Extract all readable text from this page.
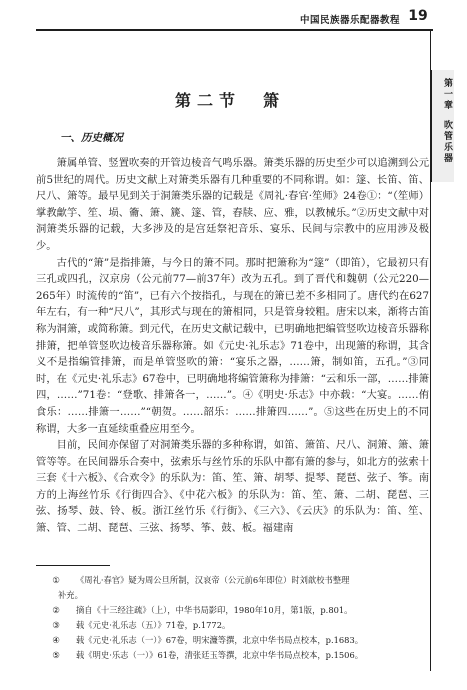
中国民族器乐配器教程 19
第一章
吹管乐器
第二节　箫
一、历史概况

箫属单管、竖置吹奏的开管边棱音气鸣乐器。箫类乐器的历史至少可以追溯到公元前5世纪的周代。历史文献上对箫类乐器有几种重要的不同称谓。如：篴、长笛、笛、尺八、箫等。最早见到关于洞箫类乐器的记载是《周礼·春官·笙师》24卷①：“（笙师）掌教龡竽、笙、埙、籥、箫、篪、篴、管，舂牍、应、雅，以教械乐。”②历史文献中对洞箫类乐器的记载，大多涉及的是宫廷祭祀音乐、宴乐、民间与宗教中的应用涉及极少。

古代的“箫”是指排箫，与今日的箫不同。那时把箫称为“篴”（即笛），它最初只有三孔或四孔，汉京房（公元前77—前37年）改为五孔。到了晋代和魏朝（公元220—265年）时流传的“笛”，已有六个按指孔，与现在的箫已差不多相同了。唐代约在627年左右，有一种“尺八”，其形式与现在的箫相同，只是管身较粗。唐宋以来，渐将古笛称为洞箫，或简称箫。到元代，在历史文献记载中，已明确地把编管竖吹边棱音乐器称排箫，把单管竖吹边棱音乐器称箫。如《元史·礼乐志》71卷中，出现箫的称谓，其含义不是指编管排箫，而是单管竖吹的箫：“宴乐之器，……箫，制如笛，五孔。”③同时，在《元史·礼乐志》67卷中，已明确地将编管箫称为排箫：“云和乐一部，……排箫四，……”71卷：“登歌、排箫各一，……”。④《明史·乐志》中亦载：“大宴。……侑食乐：……排箫一……”“朝贺。……韶乐：……排箫四……”。⑤这些在历史上的不同称谓，大多一直延续重叠应用至今。

目前，民间亦保留了对洞箫类乐器的多种称谓，如笛、箫笛、尺八、洞箫、箫、箫管等等。在民间器乐合奏中，弦索乐与丝竹乐的乐队中都有箫的参与，如北方的弦索十三套《十六板》、《合欢令》的乐队为：笛、笙、箫、胡琴、提琴、琵琶、弦子、筝。南方的上海丝竹乐《行街四合》、《中花六板》的乐队为：笛、笙、箫、二胡、琵琶、三弦、扬琴、鼓、铃、板。浙江丝竹乐《行街》、《三六》、《云庆》的乐队为：笛、笙、箫、管、二胡、琵琶、三弦、扬琴、筝、鼓、板。福建南

①	《周礼·春官》疑为周公旦所制，汉哀帝（公元前6年即位）时刘歆校书整理
补充。
②	摘自《十三经注疏》（上），中华书局影印，1980年10月，第1版，p.801。
③	载《元史·礼乐志（五）》71卷，p.1772。
④	载《元史·礼乐志（一）》67卷，明宋濂等撰，北京中华书局点校本，p.1683。
⑤	载《明史·乐志（一）》61卷，清张廷玉等撰，北京中华书局点校本，p.1506。
